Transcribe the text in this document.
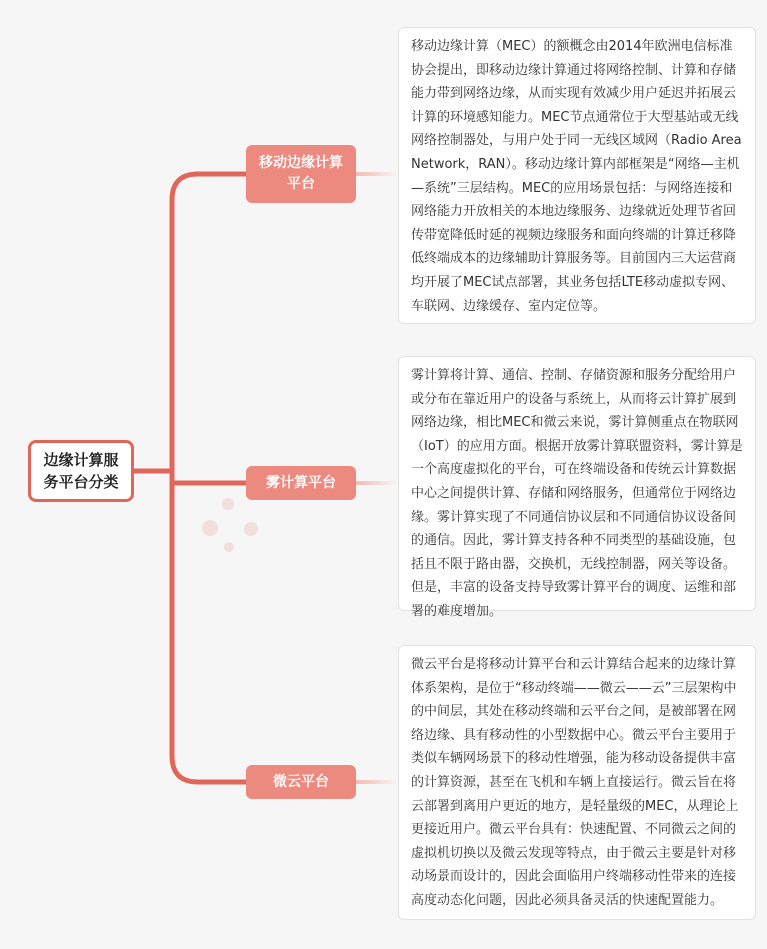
边缘计算服务平台分类
移动边缘计算平台
雾计算平台
微云平台
移动边缘计算（MEC）的额概念由2014年欧洲电信标准协会提出，即移动边缘计算通过将网络控制、计算和存储能力带到网络边缘，从而实现有效减少用户延迟并拓展云计算的环境感知能力。MEC节点通常位于大型基站或无线网络控制器处，与用户处于同一无线区域网（Radio Area Network，RAN）。移动边缘计算内部框架是“网络—主机—系统”三层结构。MEC的应用场景包括：与网络连接和网络能力开放相关的本地边缘服务、边缘就近处理节省回传带宽降低时延的视频边缘服务和面向终端的计算迁移降低终端成本的边缘辅助计算服务等。目前国内三大运营商均开展了MEC试点部署，其业务包括LTE移动虚拟专网、车联网、边缘缓存、室内定位等。
雾计算将计算、通信、控制、存储资源和服务分配给用户或分布在靠近用户的设备与系统上，从而将云计算扩展到网络边缘，相比MEC和微云来说，雾计算侧重点在物联网（IoT）的应用方面。根据开放雾计算联盟资料，雾计算是一个高度虚拟化的平台，可在终端设备和传统云计算数据中心之间提供计算、存储和网络服务，但通常位于网络边缘。雾计算实现了不同通信协议层和不同通信协议设备间的通信。因此，雾计算支持各种不同类型的基础设施，包括且不限于路由器，交换机，无线控制器，网关等设备。但是，丰富的设备支持导致雾计算平台的调度、运维和部署的难度增加。
微云平台是将移动计算平台和云计算结合起来的边缘计算体系架构，是位于“移动终端——微云——云”三层架构中的中间层，其处在移动终端和云平台之间，是被部署在网络边缘、具有移动性的小型数据中心。微云平台主要用于类似车辆网场景下的移动性增强，能为移动设备提供丰富的计算资源，甚至在飞机和车辆上直接运行。微云旨在将云部署到离用户更近的地方，是轻量级的MEC，从理论上更接近用户。微云平台具有：快速配置、不同微云之间的虚拟机切换以及微云发现等特点，由于微云主要是针对移动场景而设计的，因此会面临用户终端移动性带来的连接高度动态化问题，因此必须具备灵活的快速配置能力。
